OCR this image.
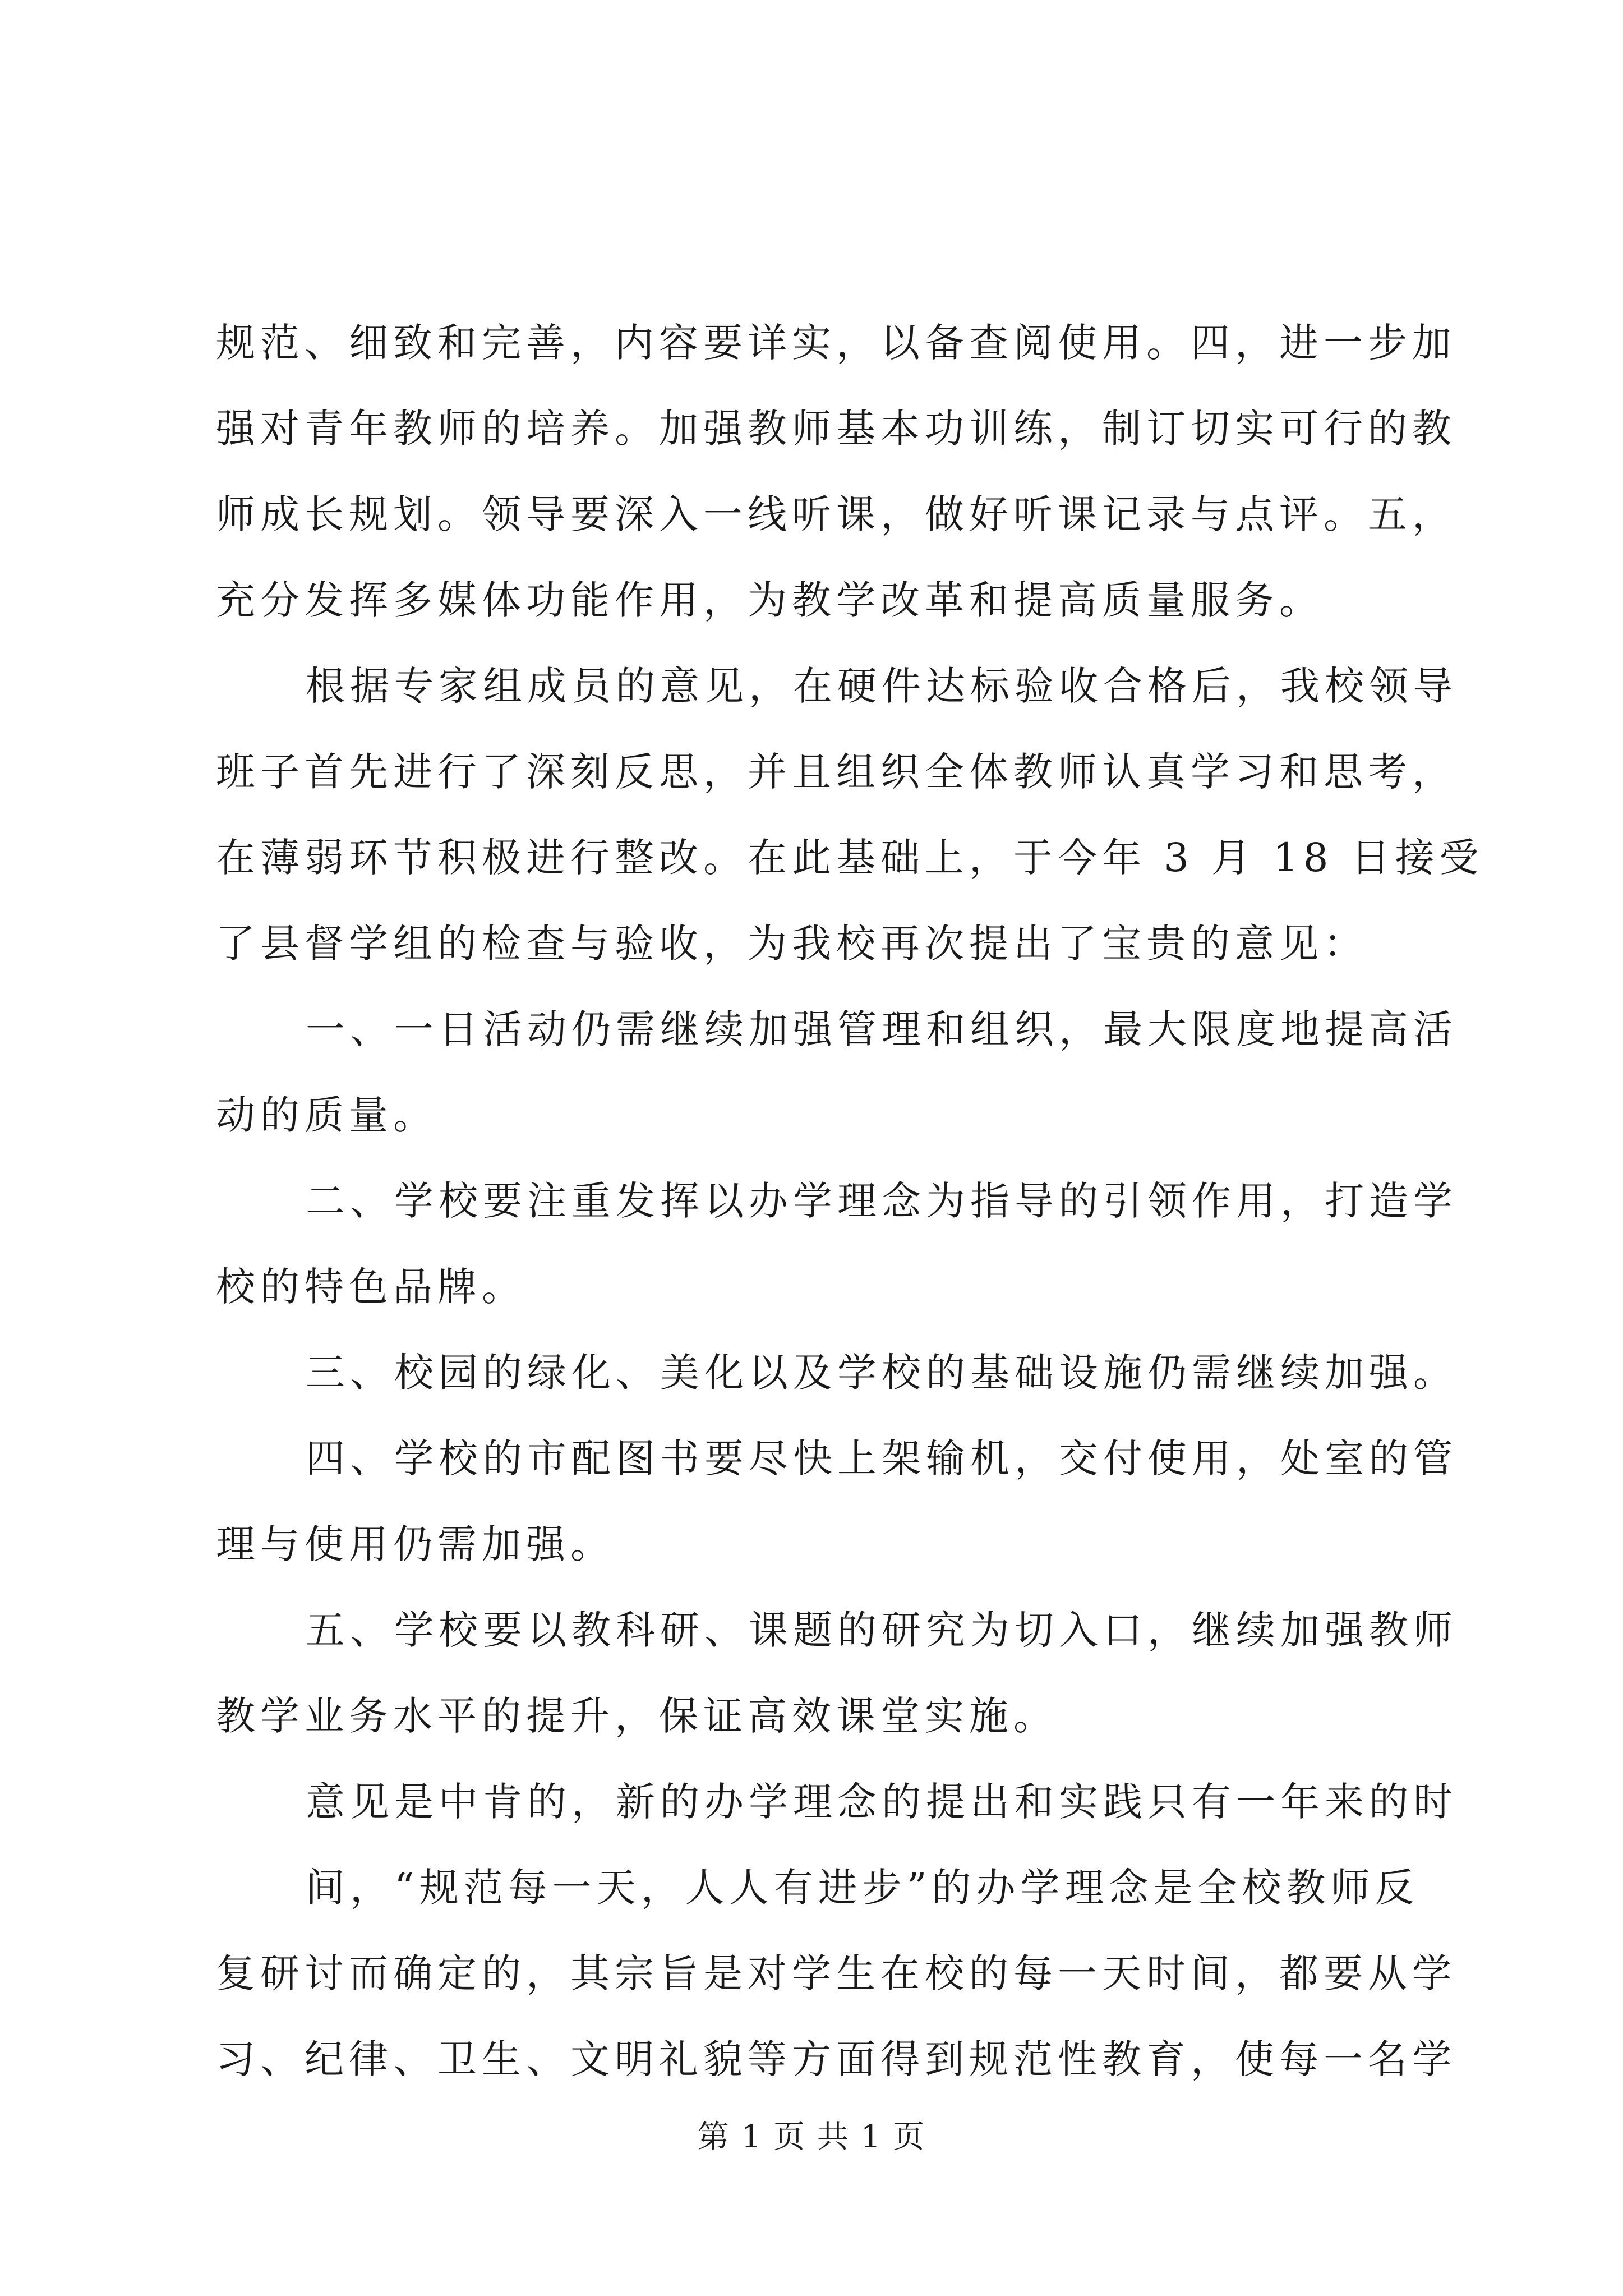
规范、细致和完善，内容要详实，以备查阅使用。四，进一步加
强对青年教师的培养。加强教师基本功训练，制订切实可行的教
师成长规划。领导要深入一线听课，做好听课记录与点评。五，
充分发挥多媒体功能作用，为教学改革和提高质量服务。
根据专家组成员的意见，在硬件达标验收合格后，我校领导
班子首先进行了深刻反思，并且组织全体教师认真学习和思考，
在薄弱环节积极进行整改。在此基础上，于今年 3 月 18 日接受
了县督学组的检查与验收，为我校再次提出了宝贵的意见：
一、一日活动仍需继续加强管理和组织，最大限度地提高活
动的质量。
二、学校要注重发挥以办学理念为指导的引领作用，打造学
校的特色品牌。
三、校园的绿化、美化以及学校的基础设施仍需继续加强。
四、学校的市配图书要尽快上架输机，交付使用，处室的管
理与使用仍需加强。
五、学校要以教科研、课题的研究为切入口，继续加强教师
教学业务水平的提升，保证高效课堂实施。
意见是中肯的，新的办学理念的提出和实践只有一年来的时
间，“规范每一天，人人有进步”的办学理念是全校教师反
复研讨而确定的，其宗旨是对学生在校的每一天时间，都要从学
习、纪律、卫生、文明礼貌等方面得到规范性教育，使每一名学
第 1 页 共 1 页
